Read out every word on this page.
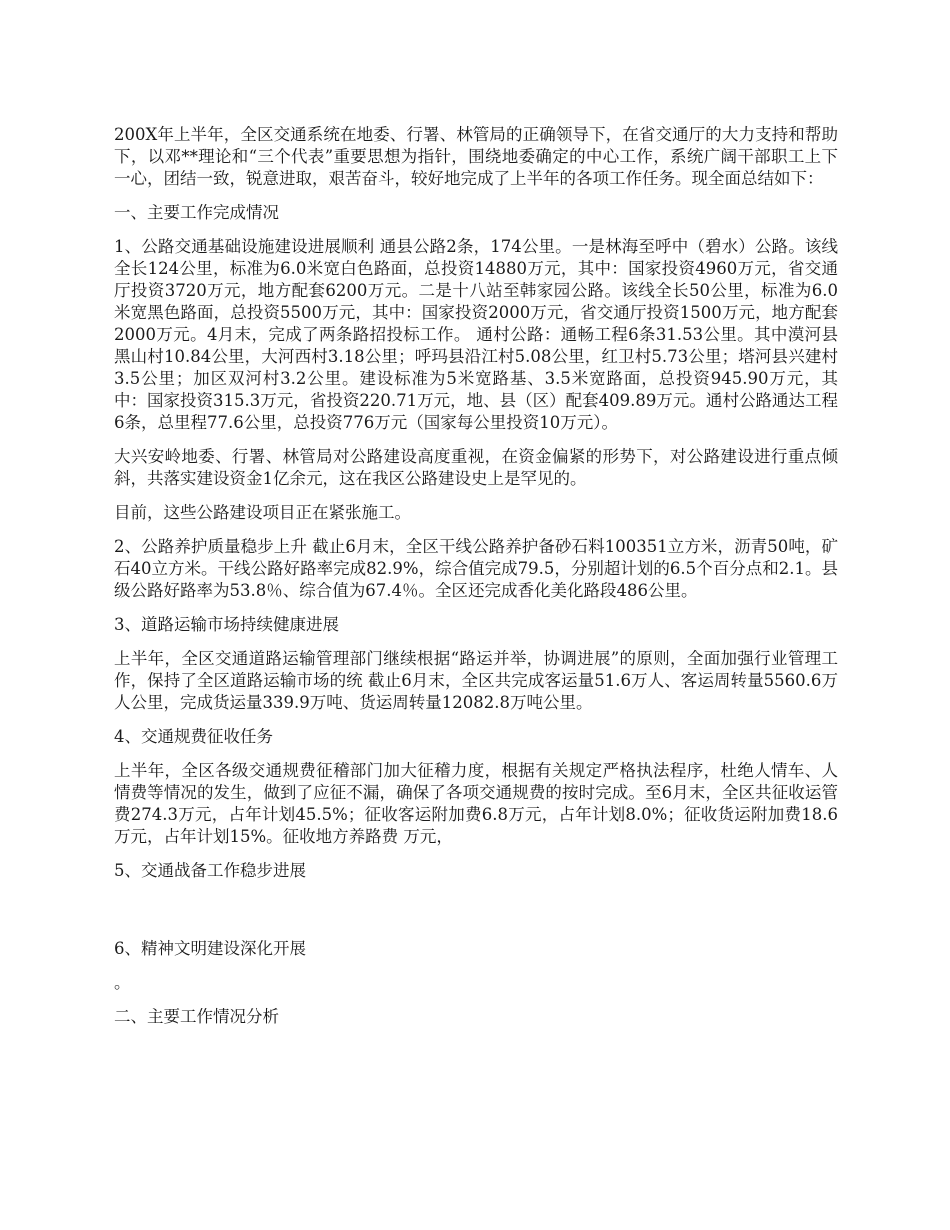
200X年上半年，全区交通系统在地委、行署、林管局的正确领导下，在省交通厅的大力支持和帮助下，以邓**理论和“三个代表”重要思想为指针，围绕地委确定的中心工作，系统广阔干部职工上下一心，团结一致，锐意进取，艰苦奋斗，较好地完成了上半年的各项工作任务。现全面总结如下：

一、主要工作完成情况

1、公路交通基础设施建设进展顺利 通县公路2条，174公里。一是林海至呼中（碧水）公路。该线全长124公里，标准为6.0米宽白色路面，总投资14880万元，其中：国家投资4960万元，省交通厅投资3720万元，地方配套6200万元。二是十八站至韩家园公路。该线全长50公里，标准为6.0米宽黑色路面，总投资5500万元，其中：国家投资2000万元，省交通厅投资1500万元，地方配套2000万元。4月末，完成了两条路招投标工作。 通村公路：通畅工程6条31.53公里。其中漠河县黑山村10.84公里，大河西村3.18公里；呼玛县沿江村5.08公里，红卫村5.73公里；塔河县兴建村3.5公里；加区双河村3.2公里。建设标准为5米宽路基、3.5米宽路面，总投资945.90万元，其中：国家投资315.3万元，省投资220.71万元，地、县（区）配套409.89万元。通村公路通达工程6条，总里程77.6公里，总投资776万元（国家每公里投资10万元）。

大兴安岭地委、行署、林管局对公路建设高度重视，在资金偏紧的形势下，对公路建设进行重点倾斜，共落实建设资金1亿余元，这在我区公路建设史上是罕见的。

目前，这些公路建设项目正在紧张施工。

2、公路养护质量稳步上升 截止6月末，全区干线公路养护备砂石料100351立方米，沥青50吨，矿石40立方米。干线公路好路率完成82.9%，综合值完成79.5，分别超计划的6.5个百分点和2.1。县级公路好路率为53.8％、综合值为67.4％。全区还完成香化美化路段486公里。

3、道路运输市场持续健康进展

上半年，全区交通道路运输管理部门继续根据“路运并举，协调进展”的原则，全面加强行业管理工作，保持了全区道路运输市场的统 截止6月末，全区共完成客运量51.6万人、客运周转量5560.6万人公里，完成货运量339.9万吨、货运周转量12082.8万吨公里。

4、交通规费征收任务

上半年，全区各级交通规费征稽部门加大征稽力度，根据有关规定严格执法程序，杜绝人情车、人情费等情况的发生，做到了应征不漏，确保了各项交通规费的按时完成。至6月末，全区共征收运管费274.3万元，占年计划45.5%；征收客运附加费6.8万元，占年计划8.0%；征收货运附加费18.6万元，占年计划15%。征收地方养路费 万元，

5、交通战备工作稳步进展

6、精神文明建设深化开展

。

二、主要工作情况分析
